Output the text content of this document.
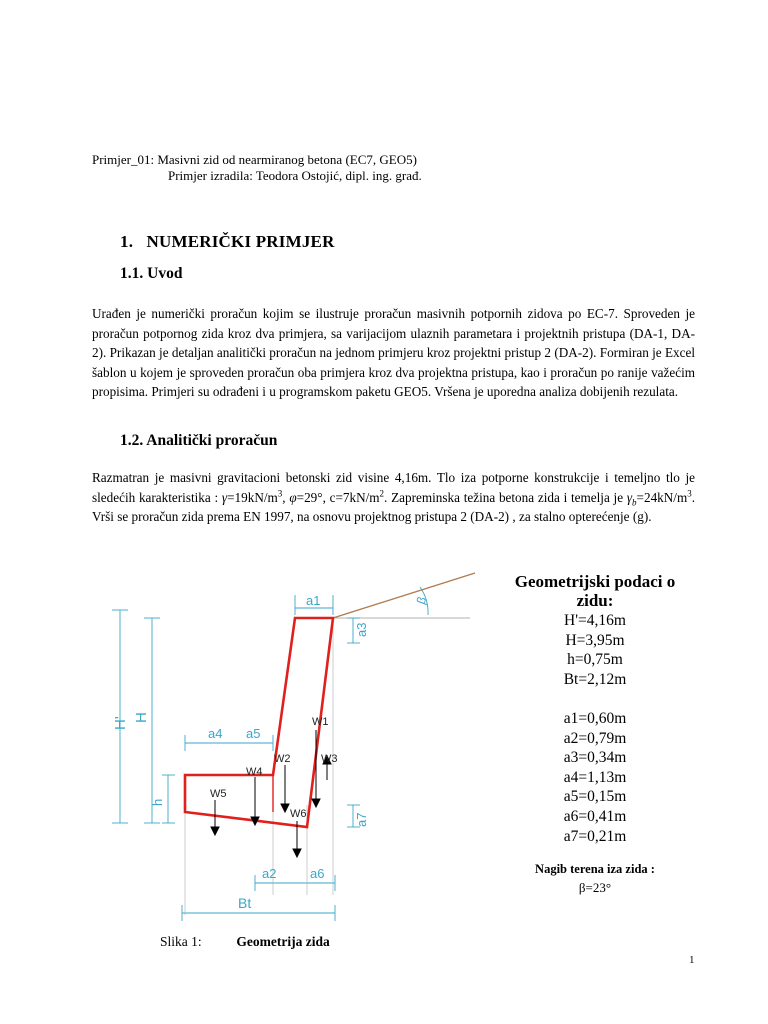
Primjer_01: Masivni zid od nearmiranog betona (EC7, GEO5)
Primjer izradila: Teodora Ostojić, dipl. ing. građ.
1. NUMERIČKI PRIMJER
1.1. Uvod

Urađen je numerički proračun kojim se ilustruje proračun masivnih potpornih zidova po EC-7. Sproveden je proračun potpornog zida kroz dva primjera, sa varijacijom ulaznih parametara i projektnih pristupa (DA-1, DA-2). Prikazan je detaljan analitički proračun na jednom primjeru kroz projektni pristup 2 (DA-2). Formiran je Excel šablon u kojem je sproveden proračun oba primjera kroz dva projektna pristupa, kao i proračun po ranije važećim propisima. Primjeri su odrađeni i u programskom paketu GEO5. Vršena je uporedna analiza dobijenih rezulata.

1.2. Analitički proračun

Razmatran je masivni gravitacioni betonski zid visine 4,16m. Tlo iza potporne konstrukcije i temeljno tlo je sledećih karakteristika : $\gamma=19kN/m^3$, φ=29°, $c=7kN/m^2$. Zapreminska težina betona zida i temelja je $\gamma_b=24kN/m^3$. Vrši se proračun zida prema EN 1997, na osnovu projektnog pristupa 2 (DA-2) , za stalno opterećenje (g).

β
a1
a3
H' H
h
a4 a5
a7
a2	a6
Bt
W1
W2	W3
W4
W5
W6
Geometrijski podaci o
zidu:
H'=4,16m
H=3,95m
h=0,75m
Bt=2,12m
a1=0,60m
a2=0,79m
a3=0,34m
a4=1,13m
a5=0,15m
a6=0,41m
a7=0,21m
Nagib terena iza zida :
β=23°
Slika 1:	Geometrija zida
1
